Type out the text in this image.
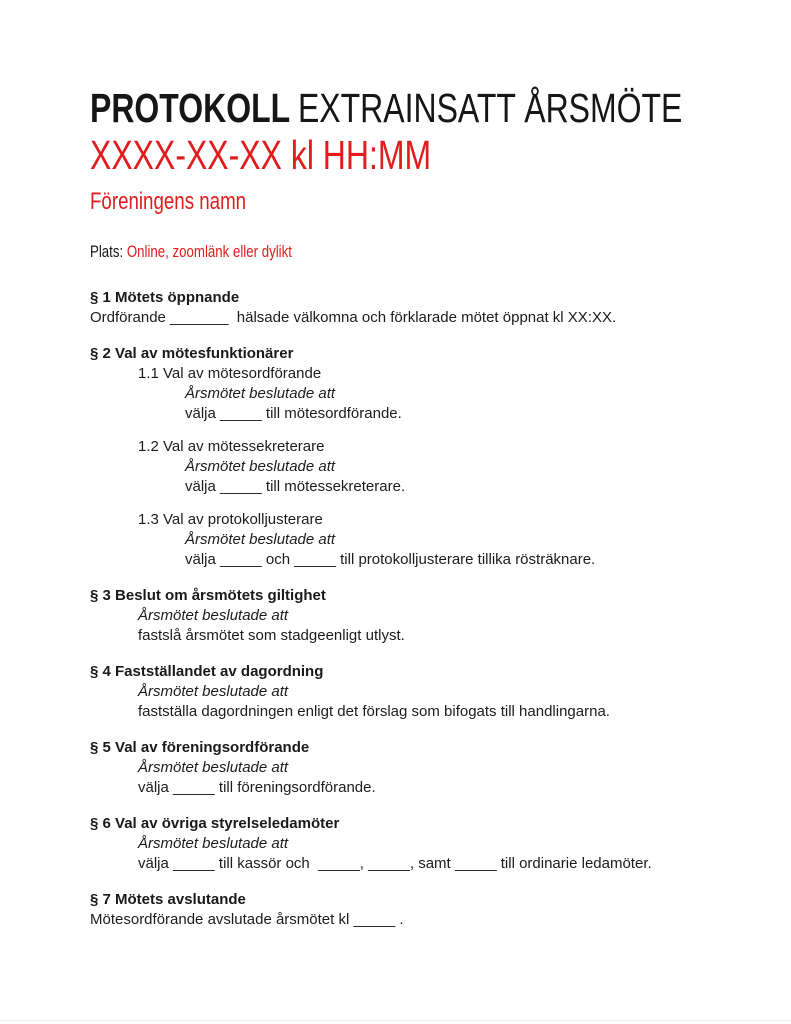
PROTOKOLL EXTRAINSATT ÅRSMÖTE
XXXX-XX-XX kl HH:MM
Föreningens namn

Plats: Online, zoomlänk eller dylikt

§ 1 Mötets öppnande

Ordförande _______  hälsade välkomna och förklarade mötet öppnat kl XX:XX.

§ 2 Val av mötesfunktionärer

1.1 Val av mötesordförande

Årsmötet beslutade att

välja _____ till mötesordförande.

1.2 Val av mötessekreterare

Årsmötet beslutade att

välja _____ till mötessekreterare.

1.3 Val av protokolljusterare

Årsmötet beslutade att

välja _____ och _____ till protokolljusterare tillika rösträknare.

§ 3 Beslut om årsmötets giltighet

Årsmötet beslutade att

fastslå årsmötet som stadgeenligt utlyst.

§ 4 Fastställandet av dagordning

Årsmötet beslutade att

fastställa dagordningen enligt det förslag som bifogats till handlingarna.

§ 5 Val av föreningsordförande

Årsmötet beslutade att

välja _____ till föreningsordförande.

§ 6 Val av övriga styrelseledamöter

Årsmötet beslutade att

välja _____ till kassör och  _____, _____, samt _____ till ordinarie ledamöter.

§ 7 Mötets avslutande

Mötesordförande avslutade årsmötet kl _____ .
